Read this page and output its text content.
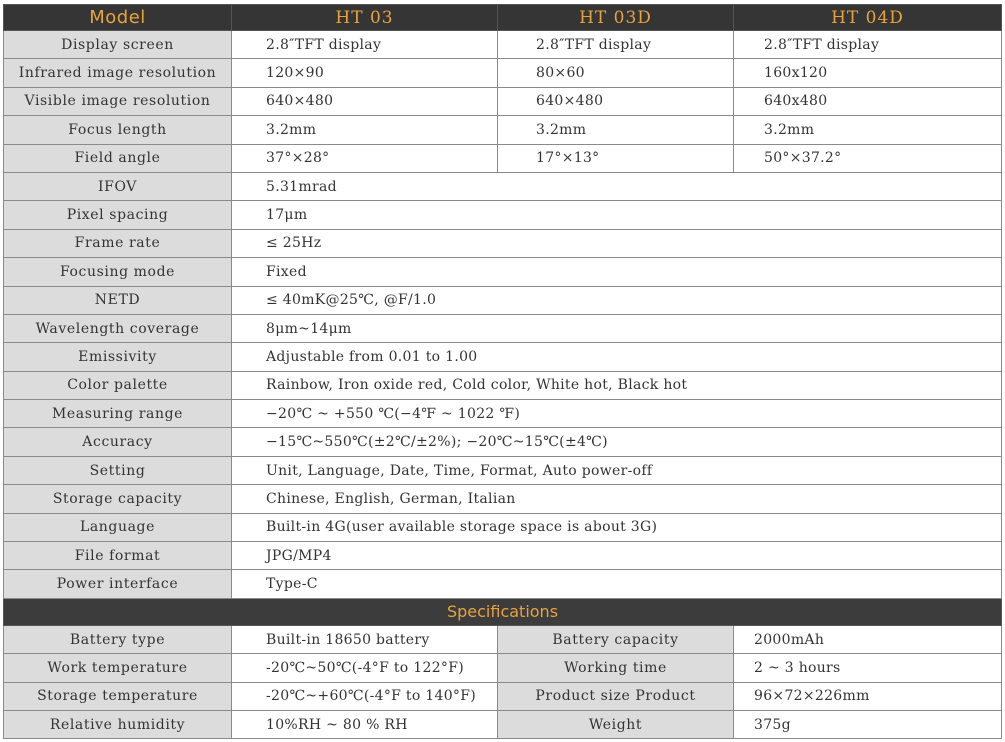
Model	HT 03	HT 03D	HT 04D
Display screen	2.8″TFT display	2.8″TFT display	2.8″TFT display
Infrared image resolution	120×90	80×60	160x120
Visible image resolution	640×480	640×480	640x480
Focus length	3.2mm	3.2mm	3.2mm
Field angle	37°×28°	17°×13°	50°×37.2°
IFOV	5.31mrad		
Pixel spacing	17μm		
Frame rate	≤ 25Hz		
Focusing mode	Fixed		
NETD	≤ 40mK@25℃, @F/1.0		
Wavelength coverage	8μm~14μm		
Emissivity	Adjustable from 0.01 to 1.00		
Color palette	Rainbow, Iron oxide red, Cold color, White hot, Black hot		
Measuring range	−20℃ ~ +550 ℃(−4℉ ~ 1022 ℉)		
Accuracy	−15℃~550℃(±2℃/±2%); −20℃~15℃(±4℃)		
Setting	Unit, Language, Date, Time, Format, Auto power-off		
Storage capacity	Chinese, English, German, Italian		
Language	Built-in 4G(user available storage space is about 3G)		
File format	JPG/MP4		
Power interface	Type-C		
Specifications			
Battery type	Built-in 18650 battery	Battery capacity	2000mAh
Work temperature	-20℃~50℃(-4°F to 122°F)	Working time	2 ~ 3 hours
Storage temperature	-20℃~+60℃(-4°F to 140°F)	Product size Product	96×72×226mm
Relative humidity	10%RH ~ 80 % RH	Weight	375g
